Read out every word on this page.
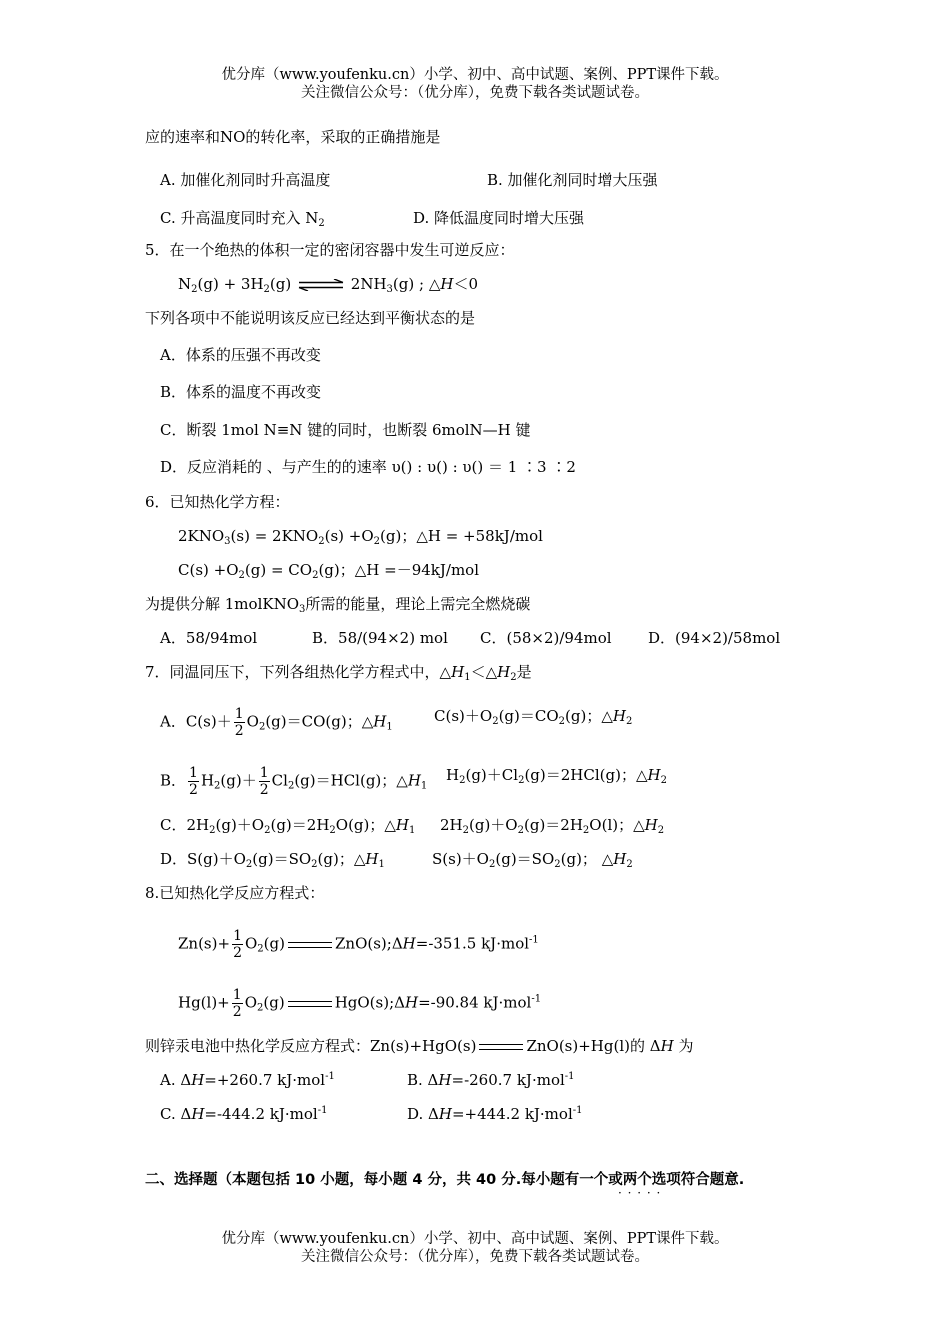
优分库（www.youfenku.cn）小学、初中、高中试题、案例、PPT课件下载。
关注微信公众号：（优分库），免费下载各类试题试卷。
应的速率和NO的转化率，采取的正确措施是
A. 加催化剂同时升高温度	B. 加催化剂同时增大压强
C. 升高温度同时充入 $N_2$	D. 降低温度同时增大压强
5．在一个绝热的体积一定的密闭容器中发生可逆反应：
$N_2(g) + 3H_2(g)$ ⇌ $2NH_3(g)$ ; △H＜0
下列各项中不能说明该反应已经达到平衡状态的是
A．体系的压强不再改变
B．体系的温度不再改变
C．断裂 1mol N≡N 键的同时，也断裂 6molN—H 键
D．反应消耗的 、与产生的的速率 υ() : υ() : υ() ＝ 1 ∶3 ∶2
6．已知热化学方程：
$2KNO_3(s) = 2KNO_2(s) +O_2(g)$；△H = +58kJ/mol
$C(s) +O_2(g) = CO_2(g)$；△H =－94kJ/mol
为提供分解 1molKNO$_3$所需的能量，理论上需完全燃烧碳
A．58/94mol	B．58/(94×2) mol C．(58×2)/94mol D．(94×2)/58mol
7．同温同压下，下列各组热化学方程式中，$\triangle H_1<\triangle H_2$是
A．$C(s)+ \frac{1}{2} O_2(g)=CO(g)$；$\triangle H_1$
$C(s)+O_2(g)=CO_2(g)$；$\triangle H_2$
B． $\frac{1}{2} H_2(g)+ \frac{1}{2} Cl_2(g)=HCl(g)$；$\triangle H_1$
$H_2(g)+Cl_2(g)=2HCl(g)$；$\triangle H_2$
C．$2H_2(g)+O_2(g)=2H_2O(g)$；$\triangle H_1$ $2H_2(g)+O_2(g)=2H_2O(l)$；$\triangle H_2$
D．$S(g)+O_2(g)=SO_2(g)$；$\triangle H_1$	$S(s)+O_2(g)=SO_2(g)$； $\triangle H_2$
8.已知热化学反应方程式：
$Zn(s)+ \frac{1}{2} O_2(g)$	ZnO(s);ΔH=-351.5 kJ·mol$^{-1}$
$Hg(l)+ \frac{1}{2} O_2(g)$	HgO(s);ΔH=-90.84 kJ·mol$^{-1}$
则锌汞电池中热化学反应方程式：Zn(s)+HgO(s)	ZnO(s)+Hg(l)的 ΔH 为
A. ΔH=+260.7 kJ·mol$^{-1}$	B. ΔH=-260.7 kJ·mol$^{-1}$
C. ΔH=-444.2 kJ·mol$^{-1}$	D. ΔH=+444.2 kJ·mol$^{-1}$
二、选择题（本题包括 10 小题，每小题 4 分，共 40 分.每小题有一个或两个选项符合题意.
· · · · ·
优分库（www.youfenku.cn）小学、初中、高中试题、案例、PPT课件下载。
关注微信公众号：（优分库），免费下载各类试题试卷。
